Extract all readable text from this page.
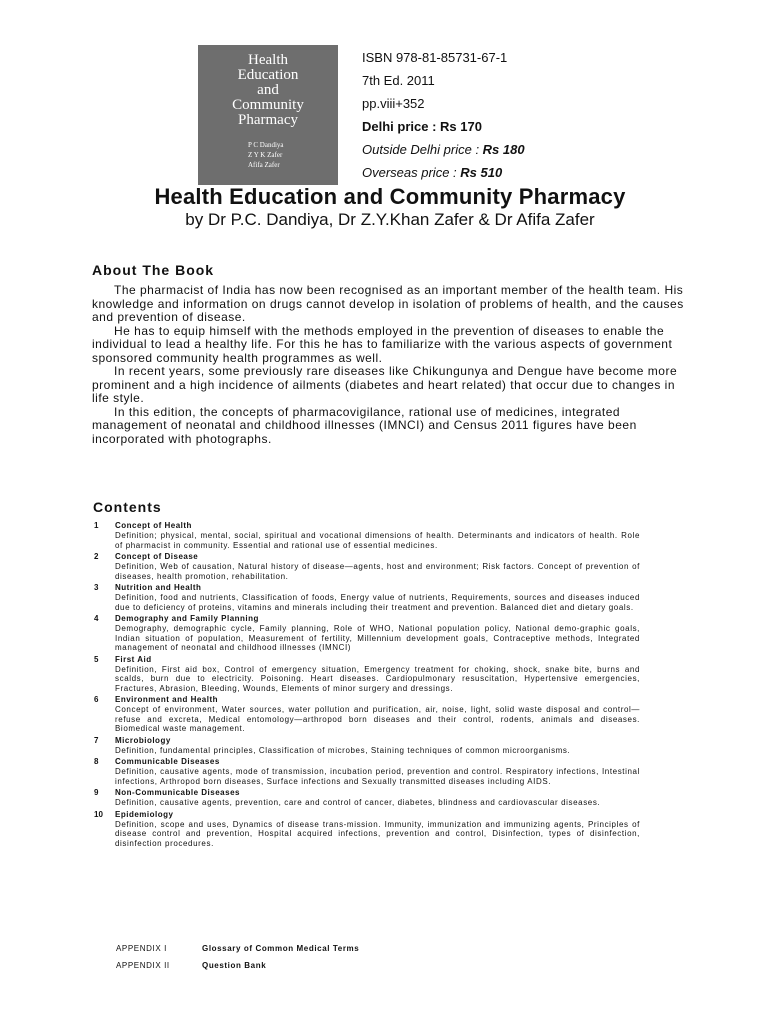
Health
Education
and
Community
Pharmacy

P C Dandiya
Z Y K Zafer
Afifa Zafer
ISBN 978-81-85731-67-1
7th Ed. 2011
pp.viii+352
Delhi price : Rs 170
Outside Delhi price : Rs 180
Overseas price : Rs 510
Health Education and Community Pharmacy
by Dr P.C. Dandiya, Dr Z.Y.Khan Zafer & Dr Afifa Zafer
About The Book

The pharmacist of India has now been recognised as an important member of the health team. His knowledge and information on drugs cannot develop in isolation of problems of health, and the causes and prevention of disease.

He has to equip himself with the methods employed in the prevention of diseases to enable the individual to lead a healthy life. For this he has to familiarize with the various aspects of government sponsored community health programmes as well.

In recent years, some previously rare diseases like Chikungunya and Dengue have become more prominent and a high incidence of ailments (diabetes and heart related) that occur due to changes in life style.

In this edition, the concepts of pharmacovigilance, rational use of medicines, integrated management of neonatal and childhood illnesses (IMNCI) and Census 2011 figures have been incorporated with photographs.

Contents
1	Concept of Health
Definition; physical, mental, social, spiritual and vocational dimensions of health. Determinants and indicators of health. Role of pharmacist in community. Essential and rational use of essential medicines.
2	Concept of Disease
Definition, Web of causation, Natural history of disease—agents, host and environment; Risk factors. Concept of prevention of diseases, health promotion, rehabilitation.
3	Nutrition and Health
Definition, food and nutrients, Classification of foods, Energy value of nutrients, Requirements, sources and diseases induced due to deficiency of proteins, vitamins and minerals including their treatment and prevention. Balanced diet and dietary goals.
4	Demography and Family Planning
Demography, demographic cycle, Family planning, Role of WHO, National population policy, National demo-graphic goals, Indian situation of population, Measurement of fertility, Millennium development goals, Contraceptive methods, Integrated management of neonatal and childhood illnesses (IMNCI)
5	First Aid
Definition, First aid box, Control of emergency situation, Emergency treatment for choking, shock, snake bite, burns and scalds, burn due to electricity. Poisoning. Heart diseases. Cardiopulmonary resuscitation, Hypertensive emergencies, Fractures, Abrasion, Bleeding, Wounds, Elements of minor surgery and dressings.
6	Environment and Health
Concept of environment, Water sources, water pollution and purification, air, noise, light, solid waste disposal and control—refuse and excreta, Medical entomology—arthropod born diseases and their control, rodents, animals and diseases. Biomedical waste management.
7	Microbiology
Definition, fundamental principles, Classification of microbes, Staining techniques of common microorganisms.
8	Communicable Diseases
Definition, causative agents, mode of transmission, incubation period, prevention and control. Respiratory infections, Intestinal infections, Arthropod born diseases, Surface infections and Sexually transmitted diseases including AIDS.
9	Non-Communicable Diseases
Definition, causative agents, prevention, care and control of cancer, diabetes, blindness and cardiovascular diseases.
10	Epidemiology
Definition, scope and uses, Dynamics of disease trans-mission. Immunity, immunization and immunizing agents, Principles of disease control and prevention, Hospital acquired infections, prevention and control, Disinfection, types of disinfection, disinfection procedures.
APPENDIX I	Glossary of Common Medical Terms
APPENDIX II	Question Bank
